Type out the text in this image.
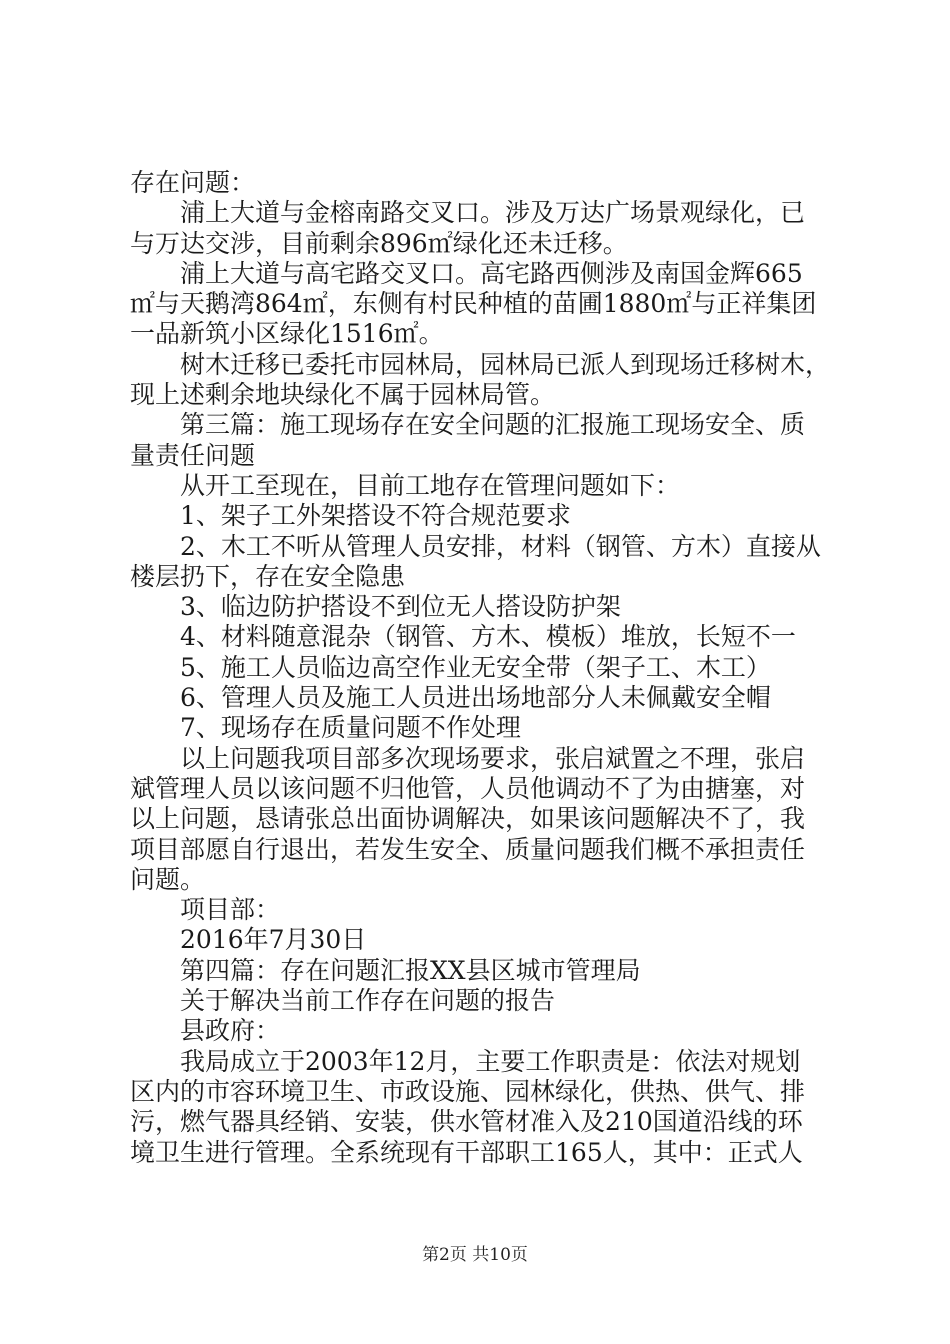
存在问题：
浦上大道与金榕南路交叉口。涉及万达广场景观绿化，已
与万达交涉，目前剩余896㎡绿化还未迁移。
浦上大道与高宅路交叉口。高宅路西侧涉及南国金辉665
㎡与天鹅湾864㎡，东侧有村民种植的苗圃1880㎡与正祥集团
一品新筑小区绿化1516㎡。
树木迁移已委托市园林局，园林局已派人到现场迁移树木，
现上述剩余地块绿化不属于园林局管。
第三篇：施工现场存在安全问题的汇报施工现场安全、质
量责任问题
从开工至现在，目前工地存在管理问题如下：
1、架子工外架搭设不符合规范要求
2、木工不听从管理人员安排，材料（钢管、方木）直接从
楼层扔下，存在安全隐患
3、临边防护搭设不到位无人搭设防护架
4、材料随意混杂（钢管、方木、模板）堆放，长短不一
5、施工人员临边高空作业无安全带（架子工、木工）
6、管理人员及施工人员进出场地部分人未佩戴安全帽
7、现场存在质量问题不作处理
以上问题我项目部多次现场要求，张启斌置之不理，张启
斌管理人员以该问题不归他管，人员他调动不了为由搪塞，对
以上问题，恳请张总出面协调解决，如果该问题解决不了，我
项目部愿自行退出，若发生安全、质量问题我们概不承担责任
问题。
项目部：
2016年7月30日
第四篇：存在问题汇报XX县区城市管理局
关于解决当前工作存在问题的报告
县政府：
我局成立于2003年12月，主要工作职责是：依法对规划
区内的市容环境卫生、市政设施、园林绿化，供热、供气、排
污，燃气器具经销、安装，供水管材准入及210国道沿线的环
境卫生进行管理。全系统现有干部职工165人，其中：正式人
第2页 共10页
